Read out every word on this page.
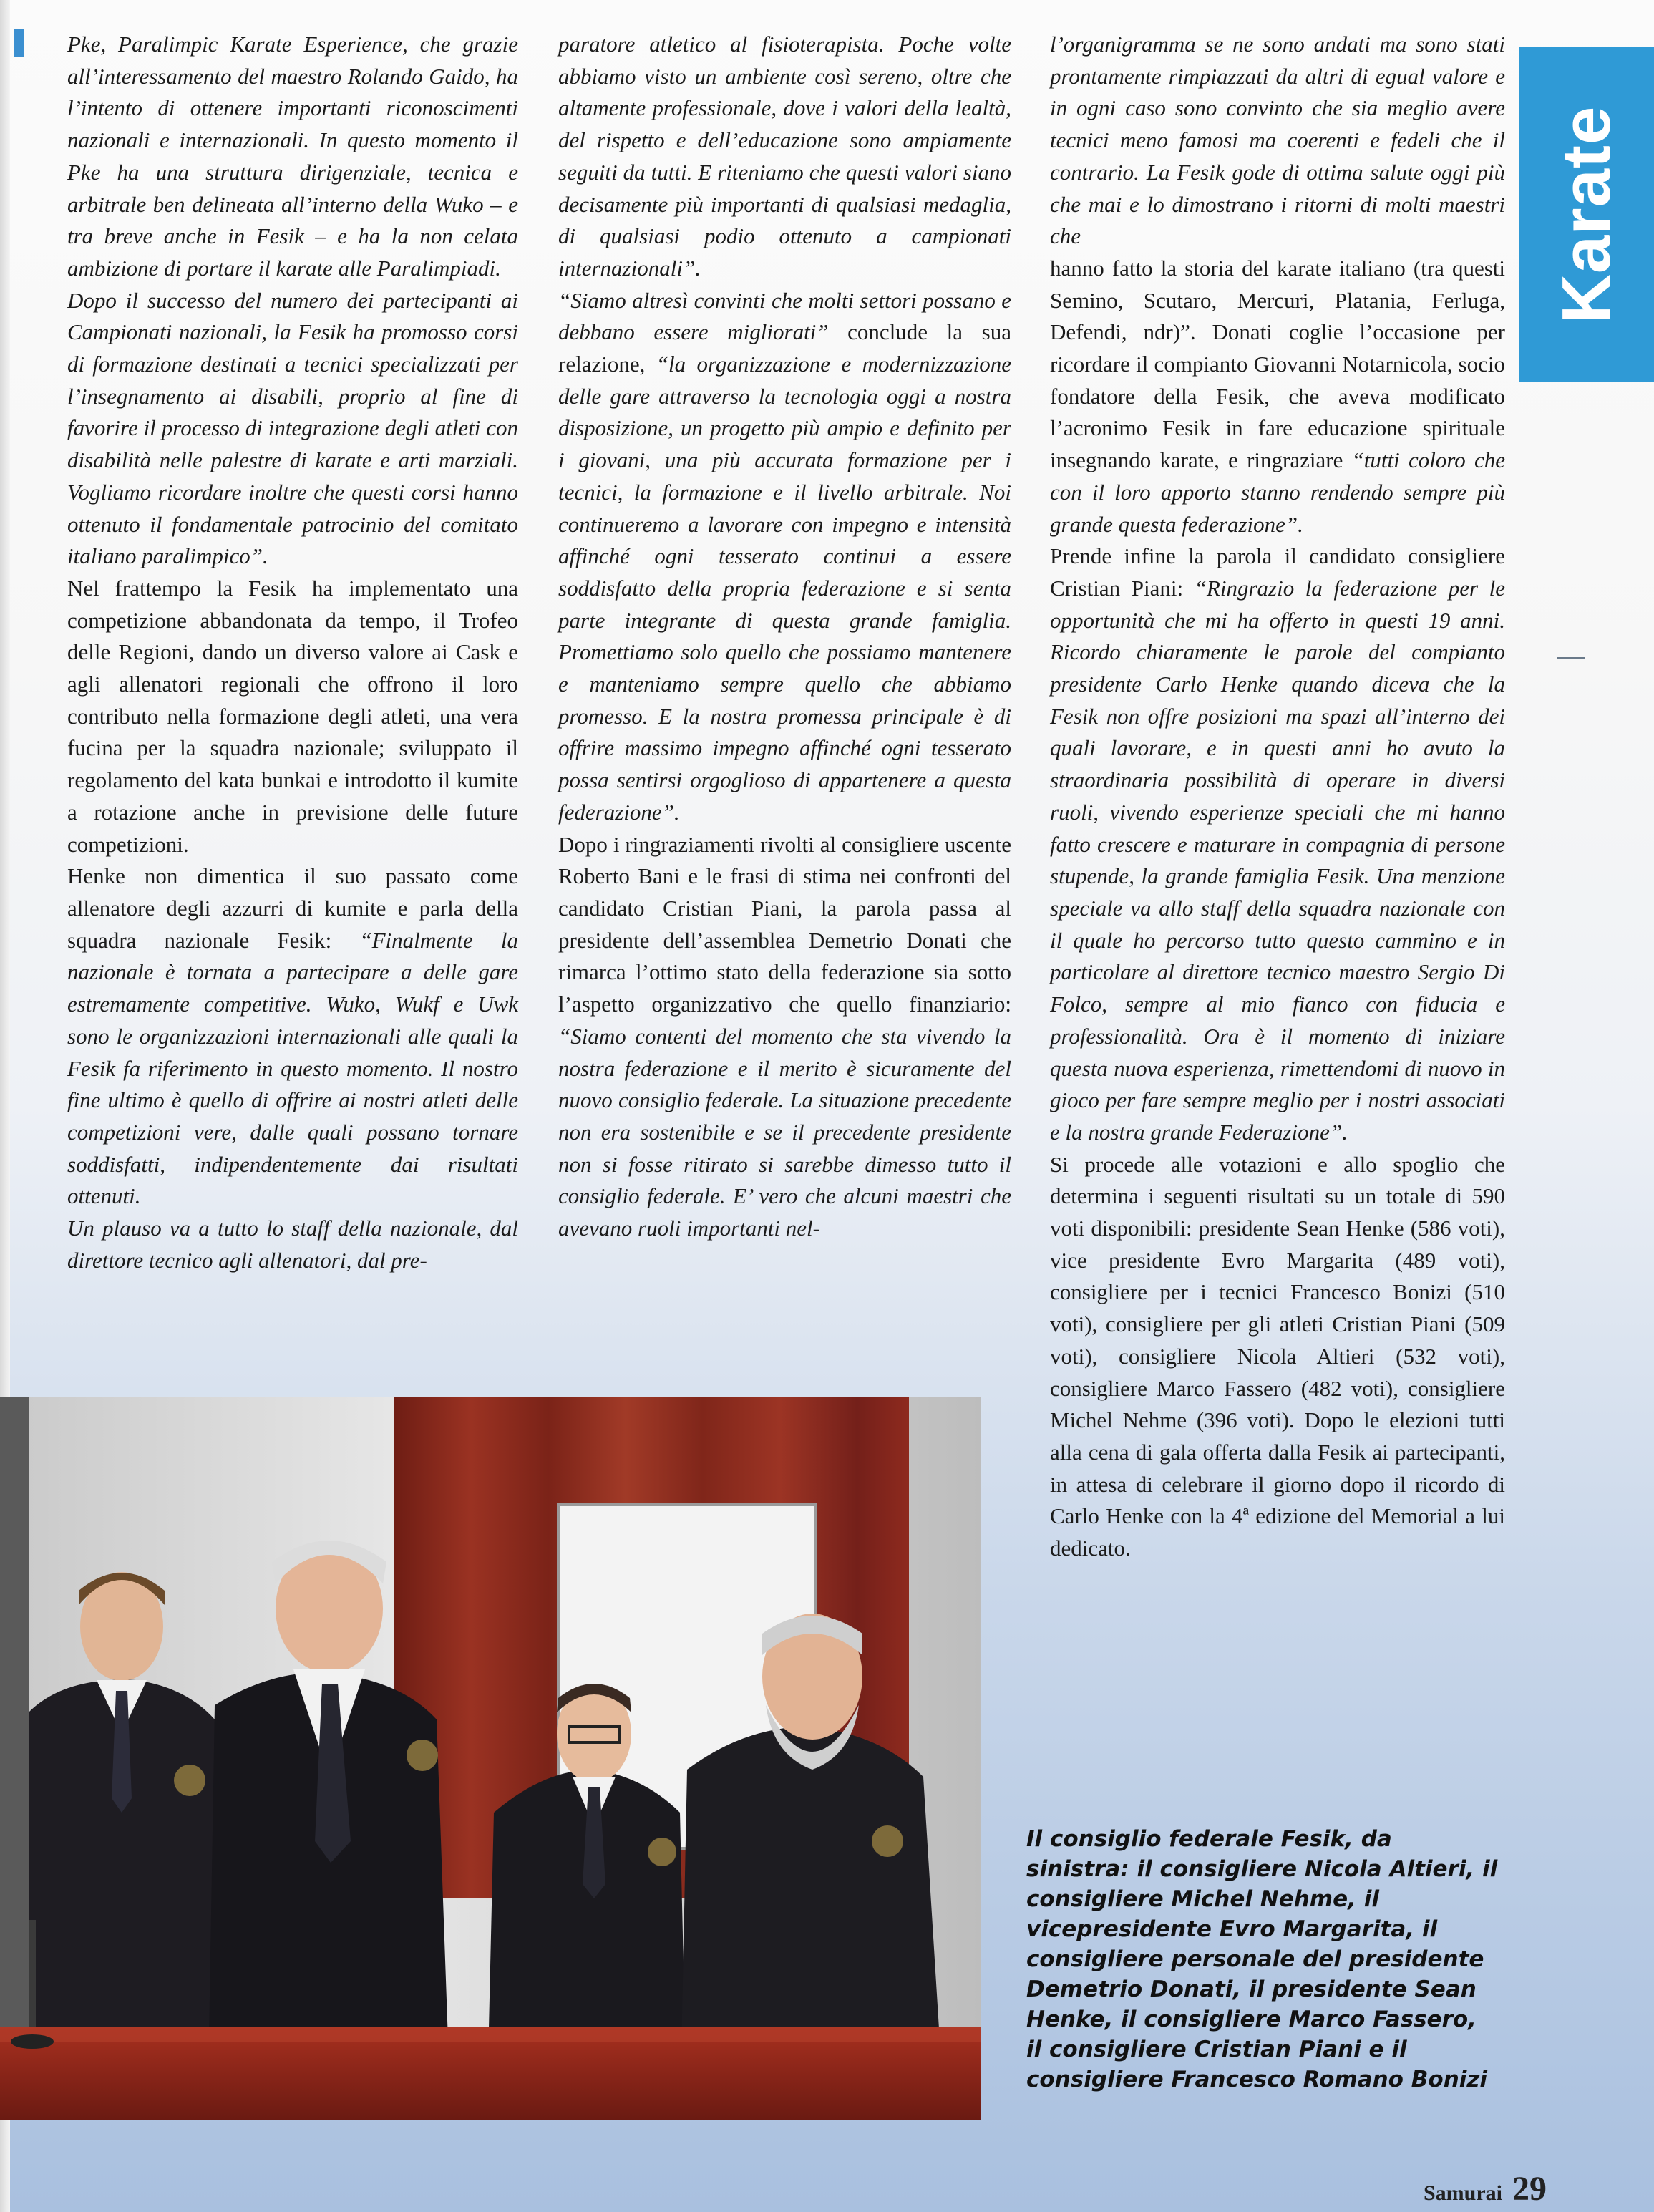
Pke, Paralimpic Karate Esperience, che grazie all’interessamento del maestro Rolando Gaido, ha l’intento di ottenere importanti riconoscimenti nazionali e internazionali. In questo momento il Pke ha una struttura dirigenziale, tecnica e arbitrale ben delineata all’interno della Wuko – e tra breve anche in Fesik – e ha la non celata ambizione di portare il karate alle Paralimpiadi.

Dopo il successo del numero dei partecipanti ai Campionati nazionali, la Fesik ha promosso corsi di formazione destinati a tecnici specializzati per l’insegnamento ai disabili, proprio al fine di favorire il processo di integrazione degli atleti con disabilità nelle palestre di karate e arti marziali. Vogliamo ricordare inoltre che questi corsi hanno ottenuto il fondamentale patrocinio del comitato italiano paralimpico”.

Nel frattempo la Fesik ha implementato una competizione abbandonata da tempo, il Trofeo delle Regioni, dando un diverso valore ai Cask e agli allenatori regionali che offrono il loro contributo nella formazione degli atleti, una vera fucina per la squadra nazionale; sviluppato il regolamento del kata bunkai e introdotto il kumite a rotazione anche in previsione delle future competizioni.

Henke non dimentica il suo passato come allenatore degli azzurri di kumite e parla della squadra nazionale Fesik: “Finalmente la nazionale è tornata a partecipare a delle gare estremamente competitive. Wuko, Wukf e Uwk sono le organizzazioni internazionali alle quali la Fesik fa riferimento in questo momento. Il nostro fine ultimo è quello di offrire ai nostri atleti delle competizioni vere, dalle quali possano tornare soddisfatti, indipendentemente dai risultati ottenuti.

Un plauso va a tutto lo staff della nazionale, dal direttore tecnico agli allenatori, dal pre-

paratore atletico al fisioterapista. Poche volte abbiamo visto un ambiente così sereno, oltre che altamente professionale, dove i valori della lealtà, del rispetto e dell’educazione sono ampiamente seguiti da tutti. E riteniamo che questi valori siano decisamente più importanti di qualsiasi medaglia, di qualsiasi podio ottenuto a campionati internazionali”.

“Siamo altresì convinti che molti settori possano e debbano essere migliorati” conclude la sua relazione, “la organizzazione e modernizzazione delle gare attraverso la tecnologia oggi a nostra disposizione, un progetto più ampio e definito per i giovani, una più accurata formazione per i tecnici, la formazione e il livello arbitrale. Noi continueremo a lavorare con impegno e intensità affinché ogni tesserato continui a essere soddisfatto della propria federazione e si senta parte integrante di questa grande famiglia. Promettiamo solo quello che possiamo mantenere e manteniamo sempre quello che abbiamo promesso. E la nostra promessa principale è di offrire massimo impegno affinché ogni tesserato possa sentirsi orgoglioso di appartenere a questa federazione”.

Dopo i ringraziamenti rivolti al consigliere uscente Roberto Bani e le frasi di stima nei confronti del candidato Cristian Piani, la parola passa al presidente dell’assemblea Demetrio Donati che rimarca l’ottimo stato della federazione sia sotto l’aspetto organizzativo che quello finanziario: “Siamo contenti del momento che sta vivendo la nostra federazione e il merito è sicuramente del nuovo consiglio federale. La situazione precedente non era sostenibile e se il precedente presidente non si fosse ritirato si sarebbe dimesso tutto il consiglio federale. E’ vero che alcuni maestri che avevano ruoli importanti nel-

l’organigramma se ne sono andati ma sono stati prontamente rimpiazzati da altri di egual valore e in ogni caso sono convinto che sia meglio avere tecnici meno famosi ma coerenti e fedeli che il contrario. La Fesik gode di ottima salute oggi più che mai e lo dimostrano i ritorni di molti maestri che

hanno fatto la storia del karate italiano (tra questi Semino, Scutaro, Mercuri, Platania, Ferluga, Defendi, ndr)”. Donati coglie l’occasione per ricordare il compianto Giovanni Notarnicola, socio fondatore della Fesik, che aveva modificato l’acronimo Fesik in fare educazione spirituale insegnando karate, e ringraziare “tutti coloro che con il loro apporto stanno rendendo sempre più grande questa federazione”.

Prende infine la parola il candidato consigliere Cristian Piani: “Ringrazio la federazione per le opportunità che mi ha offerto in questi 19 anni. Ricordo chiaramente le parole del compianto presidente Carlo Henke quando diceva che la Fesik non offre posizioni ma spazi all’interno dei quali lavorare, e in questi anni ho avuto la straordinaria possibilità di operare in diversi ruoli, vivendo esperienze speciali che mi hanno fatto crescere e maturare in compagnia di persone stupende, la grande famiglia Fesik. Una menzione speciale va allo staff della squadra nazionale con il quale ho percorso tutto questo cammino e in particolare al direttore tecnico maestro Sergio Di Folco, sempre al mio fianco con fiducia e professionalità. Ora è il momento di iniziare questa nuova esperienza, rimettendomi di nuovo in gioco per fare sempre meglio per i nostri associati e la nostra grande Federazione”.

Si procede alle votazioni e allo spoglio che determina i seguenti risultati su un totale di 590 voti disponibili: presidente Sean Henke (586 voti), vice presidente Evro Margarita (489 voti), consigliere per i tecnici Francesco Bonizi (510 voti), consigliere per gli atleti Cristian Piani (509 voti), consigliere Nicola Altieri (532 voti), consigliere Marco Fassero (482 voti), consigliere Michel Nehme (396 voti). Dopo le elezioni tutti alla cena di gala offerta dalla Fesik ai partecipanti, in attesa di celebrare il giorno dopo il ricordo di Carlo Henke con la 4ª edizione del Memorial a lui dedicato.

Karate
Il consiglio federale Fesik, da sinistra: il consigliere Nicola Altieri, il consigliere Michel Nehme, il vicepresidente Evro Margarita, il consigliere personale del presidente Demetrio Donati, il presidente Sean Henke, il consigliere Marco Fassero, il consigliere Cristian Piani e il consigliere Francesco Romano Bonizi
Samurai 29
